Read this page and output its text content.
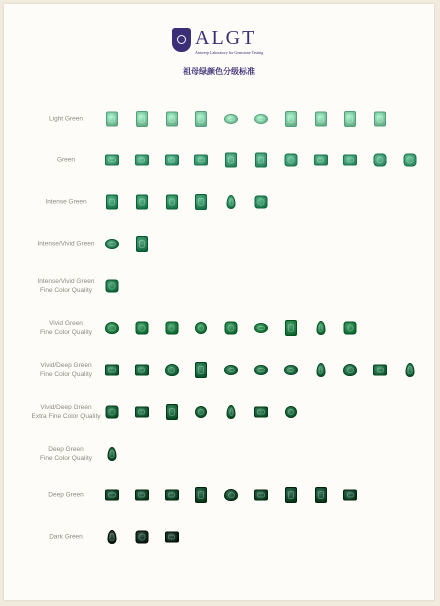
ALGT
Antwerp Laboratory for Gemstone Testing
祖母绿颜色分级标准
Light Green
Green
Intense Green
Intense/Vivid Green
Intense/Vivid Green
Fine Color Quality
Vivid Green
Fine Color Quality
Vivid/Deep Green
Fine Color Quality
Vivid/Deep Green
Extra Fine Color Quality
Deep Green
Fine Color Quality
Deep Green
Dark Green
